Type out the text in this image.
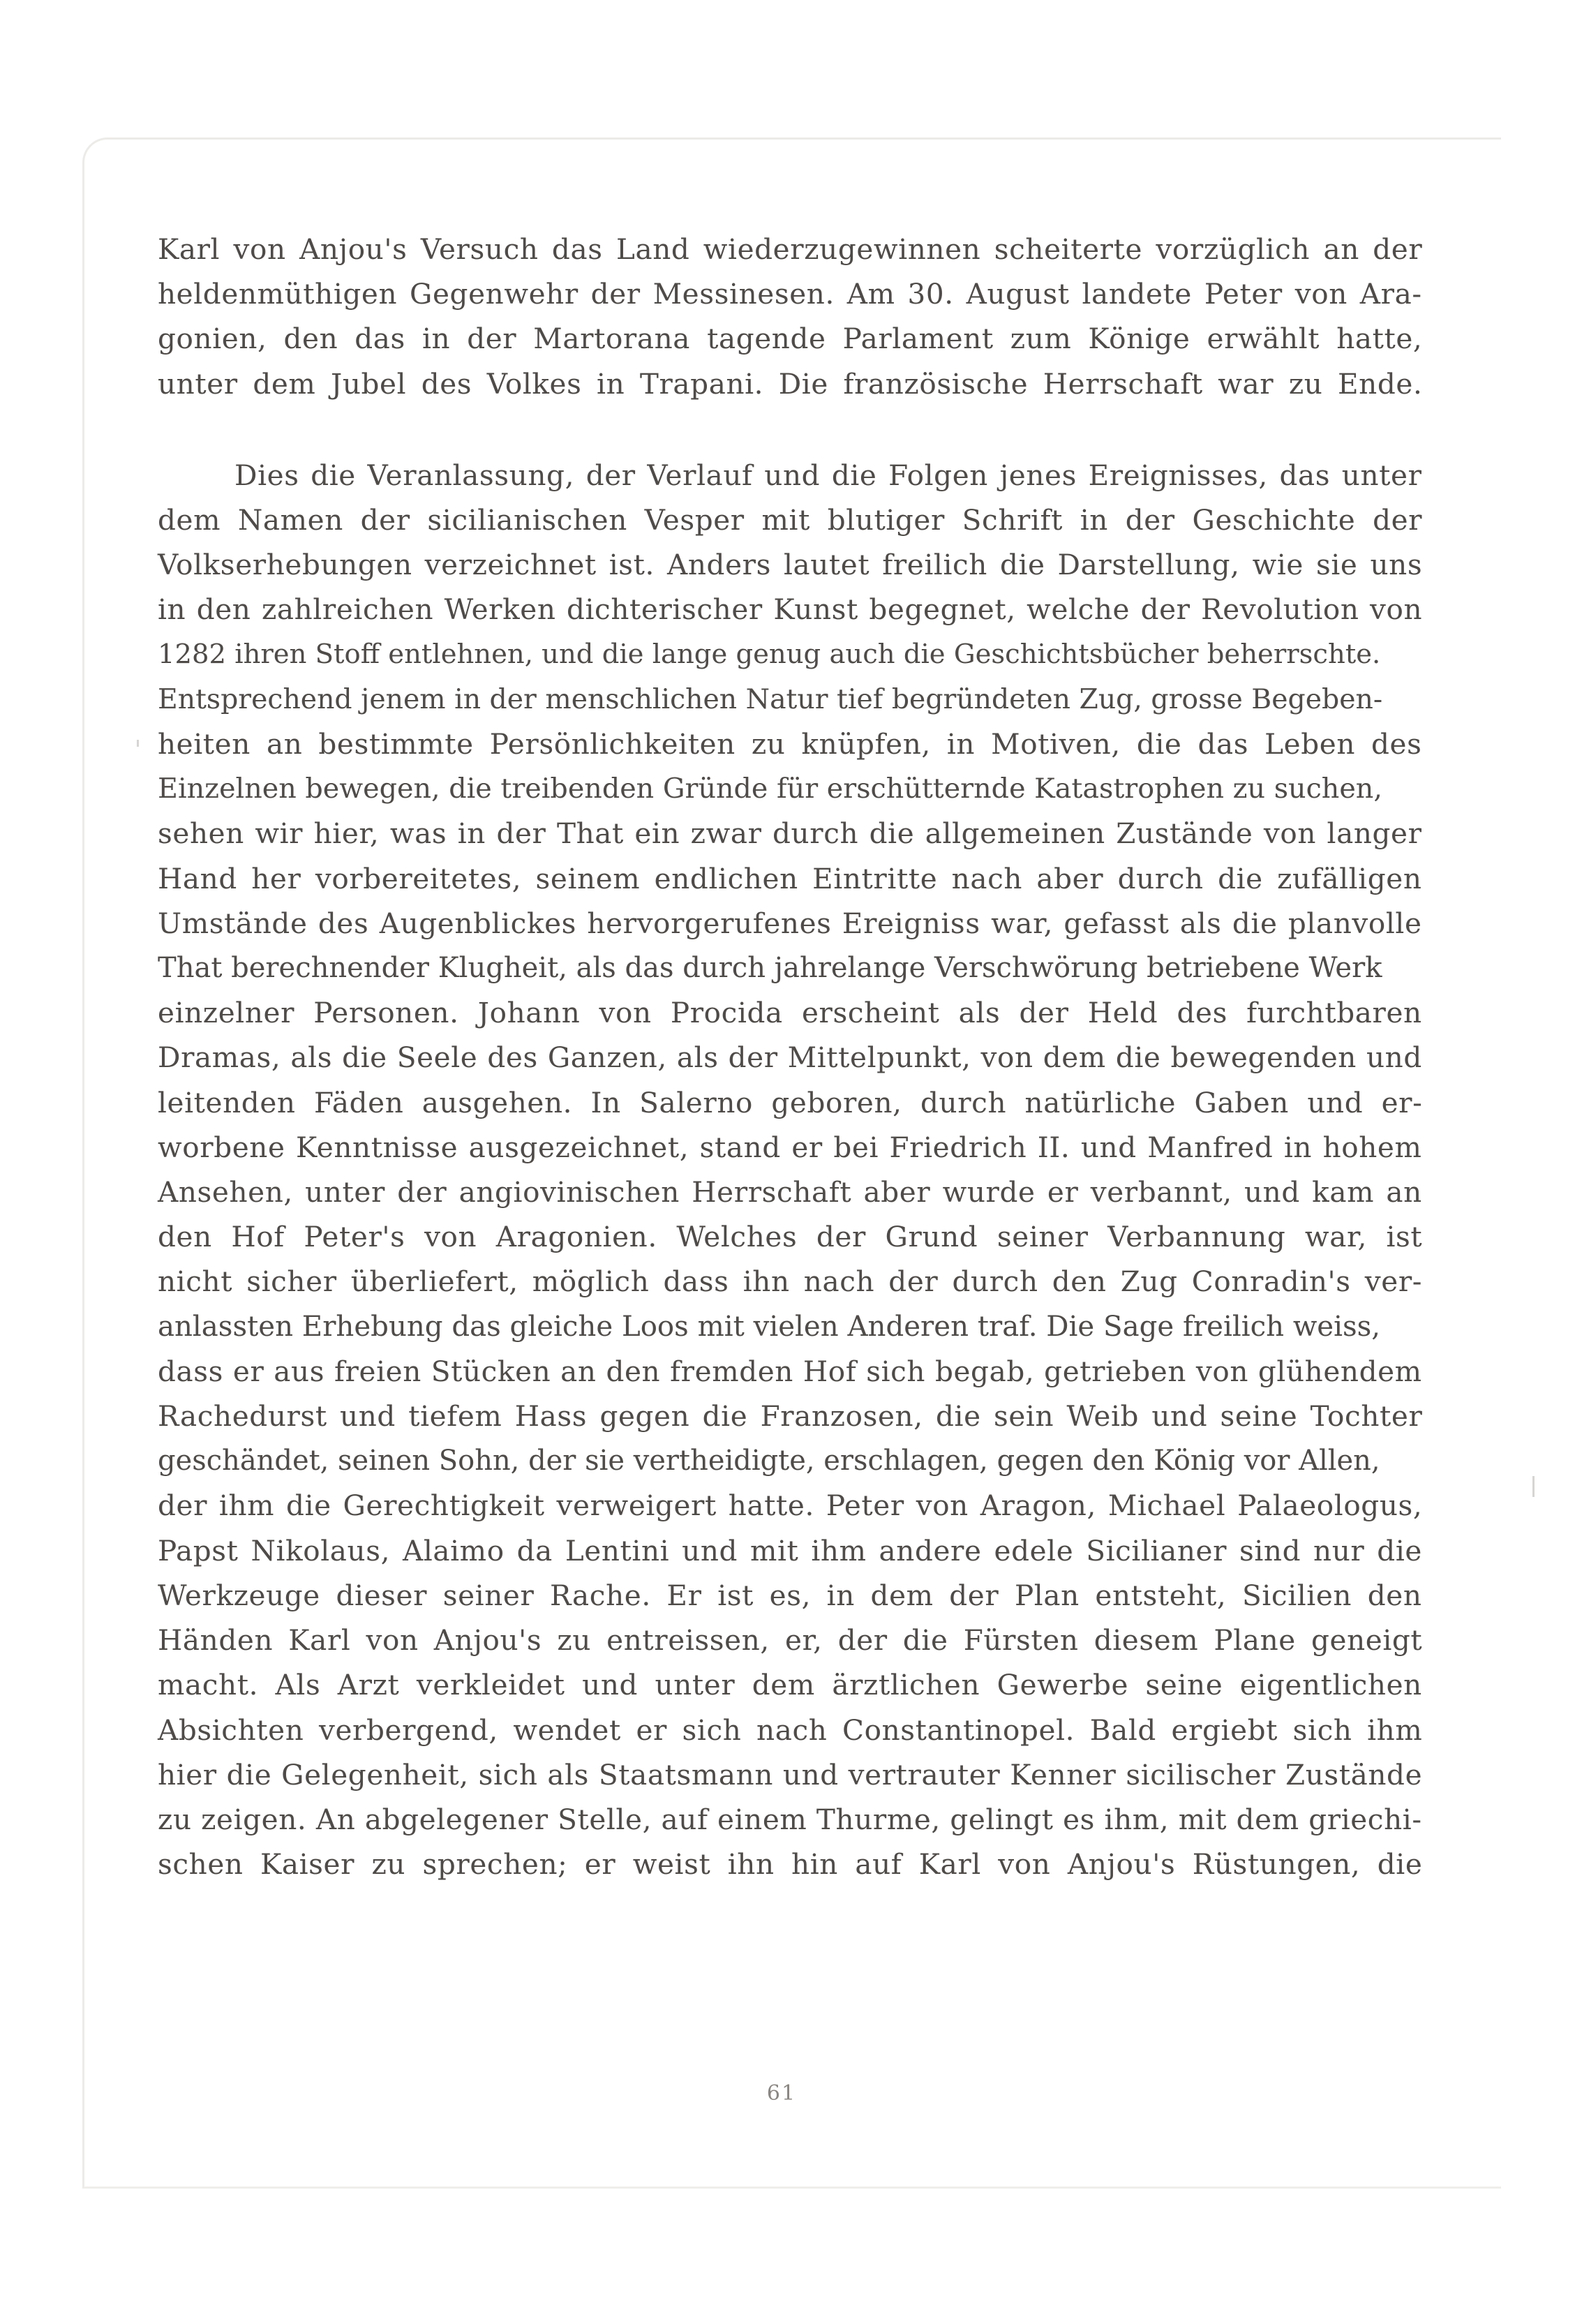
Karl von Anjou's Versuch das Land wiederzugewinnen scheiterte vorzüglich an der
heldenmüthigen Gegenwehr der Messinesen. Am 30. August landete Peter von Ara-
gonien, den das in der Martorana tagende Parlament zum Könige erwählt hatte,
unter dem Jubel des Volkes in Trapani. Die französische Herrschaft war zu Ende.

Dies die Veranlassung, der Verlauf und die Folgen jenes Ereignisses, das unter
dem Namen der sicilianischen Vesper mit blutiger Schrift in der Geschichte der
Volkserhebungen verzeichnet ist. Anders lautet freilich die Darstellung, wie sie uns
in den zahlreichen Werken dichterischer Kunst begegnet, welche der Revolution von
1282 ihren Stoff entlehnen, und die lange genug auch die Geschichtsbücher beherrschte.
Entsprechend jenem in der menschlichen Natur tief begründeten Zug, grosse Begeben-
heiten an bestimmte Persönlichkeiten zu knüpfen, in Motiven, die das Leben des
Einzelnen bewegen, die treibenden Gründe für erschütternde Katastrophen zu suchen,
sehen wir hier, was in der That ein zwar durch die allgemeinen Zustände von langer
Hand her vorbereitetes, seinem endlichen Eintritte nach aber durch die zufälligen
Umstände des Augenblickes hervorgerufenes Ereigniss war, gefasst als die planvolle
That berechnender Klugheit, als das durch jahrelange Verschwörung betriebene Werk
einzelner Personen. Johann von Procida erscheint als der Held des furchtbaren
Dramas, als die Seele des Ganzen, als der Mittelpunkt, von dem die bewegenden und
leitenden Fäden ausgehen. In Salerno geboren, durch natürliche Gaben und er-
worbene Kenntnisse ausgezeichnet, stand er bei Friedrich II. und Manfred in hohem
Ansehen, unter der angiovinischen Herrschaft aber wurde er verbannt, und kam an
den Hof Peter's von Aragonien. Welches der Grund seiner Verbannung war, ist
nicht sicher überliefert, möglich dass ihn nach der durch den Zug Conradin's ver-
anlassten Erhebung das gleiche Loos mit vielen Anderen traf. Die Sage freilich weiss,
dass er aus freien Stücken an den fremden Hof sich begab, getrieben von glühendem
Rachedurst und tiefem Hass gegen die Franzosen, die sein Weib und seine Tochter
geschändet, seinen Sohn, der sie vertheidigte, erschlagen, gegen den König vor Allen,
der ihm die Gerechtigkeit verweigert hatte. Peter von Aragon, Michael Palaeologus,
Papst Nikolaus, Alaimo da Lentini und mit ihm andere edele Sicilianer sind nur die
Werkzeuge dieser seiner Rache. Er ist es, in dem der Plan entsteht, Sicilien den
Händen Karl von Anjou's zu entreissen, er, der die Fürsten diesem Plane geneigt
macht. Als Arzt verkleidet und unter dem ärztlichen Gewerbe seine eigentlichen
Absichten verbergend, wendet er sich nach Constantinopel. Bald ergiebt sich ihm
hier die Gelegenheit, sich als Staatsmann und vertrauter Kenner sicilischer Zustände
zu zeigen. An abgelegener Stelle, auf einem Thurme, gelingt es ihm, mit dem griechi-
schen Kaiser zu sprechen; er weist ihn hin auf Karl von Anjou's Rüstungen, die

61
